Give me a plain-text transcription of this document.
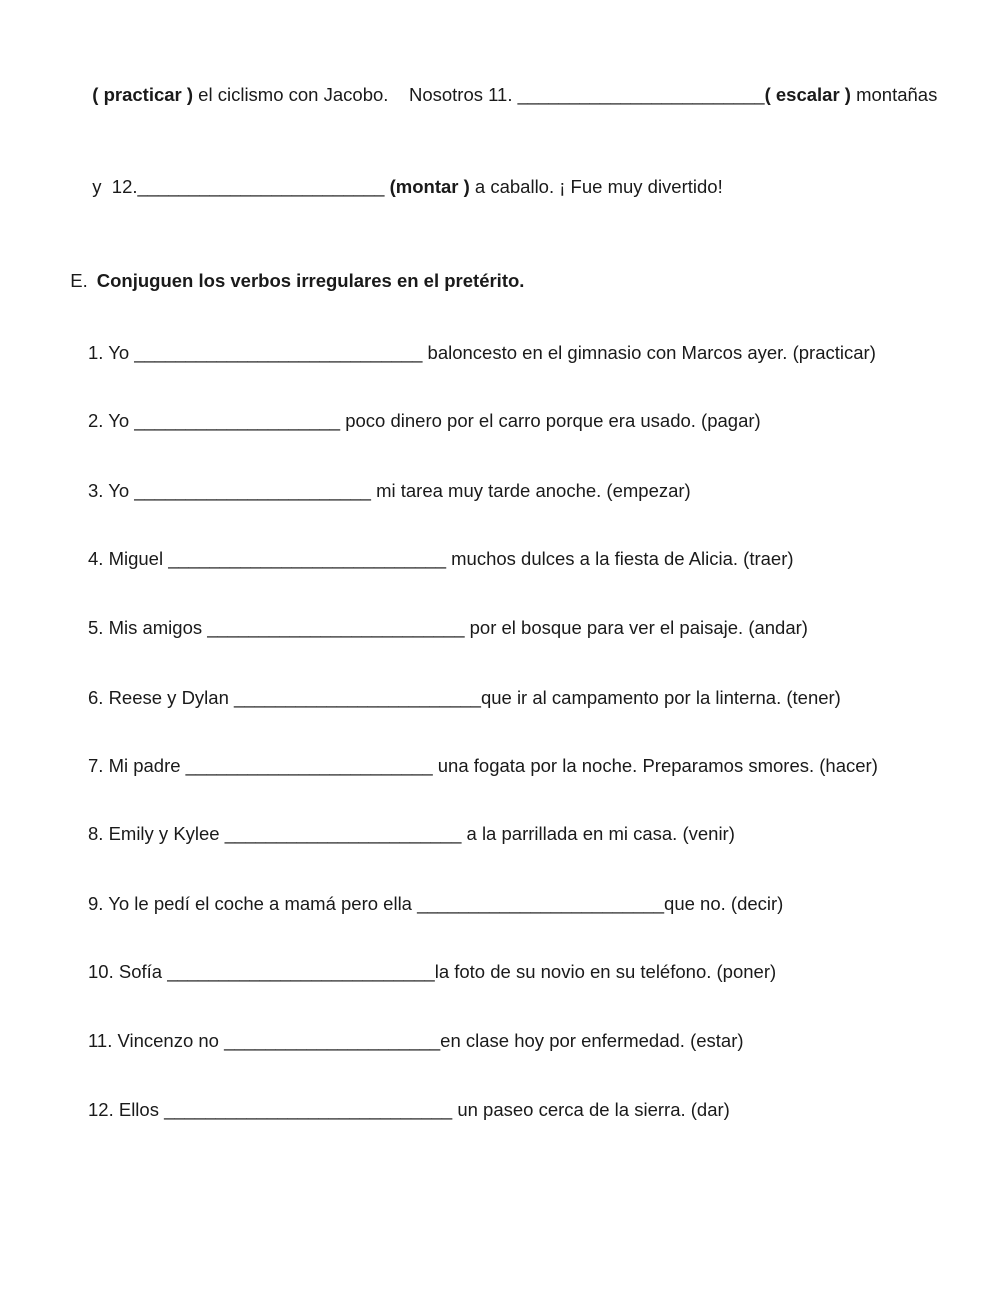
( practicar ) el ciclismo con Jacobo.    Nosotros 11. ________________________( escalar ) montañas

y  12.________________________ (montar ) a caballo. ¡ Fue muy divertido!

E. Conjuguen los verbos irregulares en el pretérito.

1. Yo ____________________________ baloncesto en el gimnasio con Marcos ayer. (practicar)
2. Yo ____________________ poco dinero por el carro porque era usado. (pagar)
3. Yo _______________________ mi tarea muy tarde anoche. (empezar)
4. Miguel ___________________________ muchos dulces a la fiesta de Alicia. (traer)
5. Mis amigos _________________________ por el bosque para ver el paisaje. (andar)
6. Reese y Dylan ________________________que ir al campamento por la linterna. (tener)
7. Mi padre ________________________ una fogata por la noche. Preparamos smores. (hacer)
8. Emily y Kylee _______________________ a la parrillada en mi casa. (venir)
9. Yo le pedí el coche a mamá pero ella ________________________que no. (decir)
10. Sofía __________________________la foto de su novio en su teléfono. (poner)
11. Vincenzo no _____________________en clase hoy por enfermedad. (estar)
12. Ellos ____________________________ un paseo cerca de la sierra. (dar)
